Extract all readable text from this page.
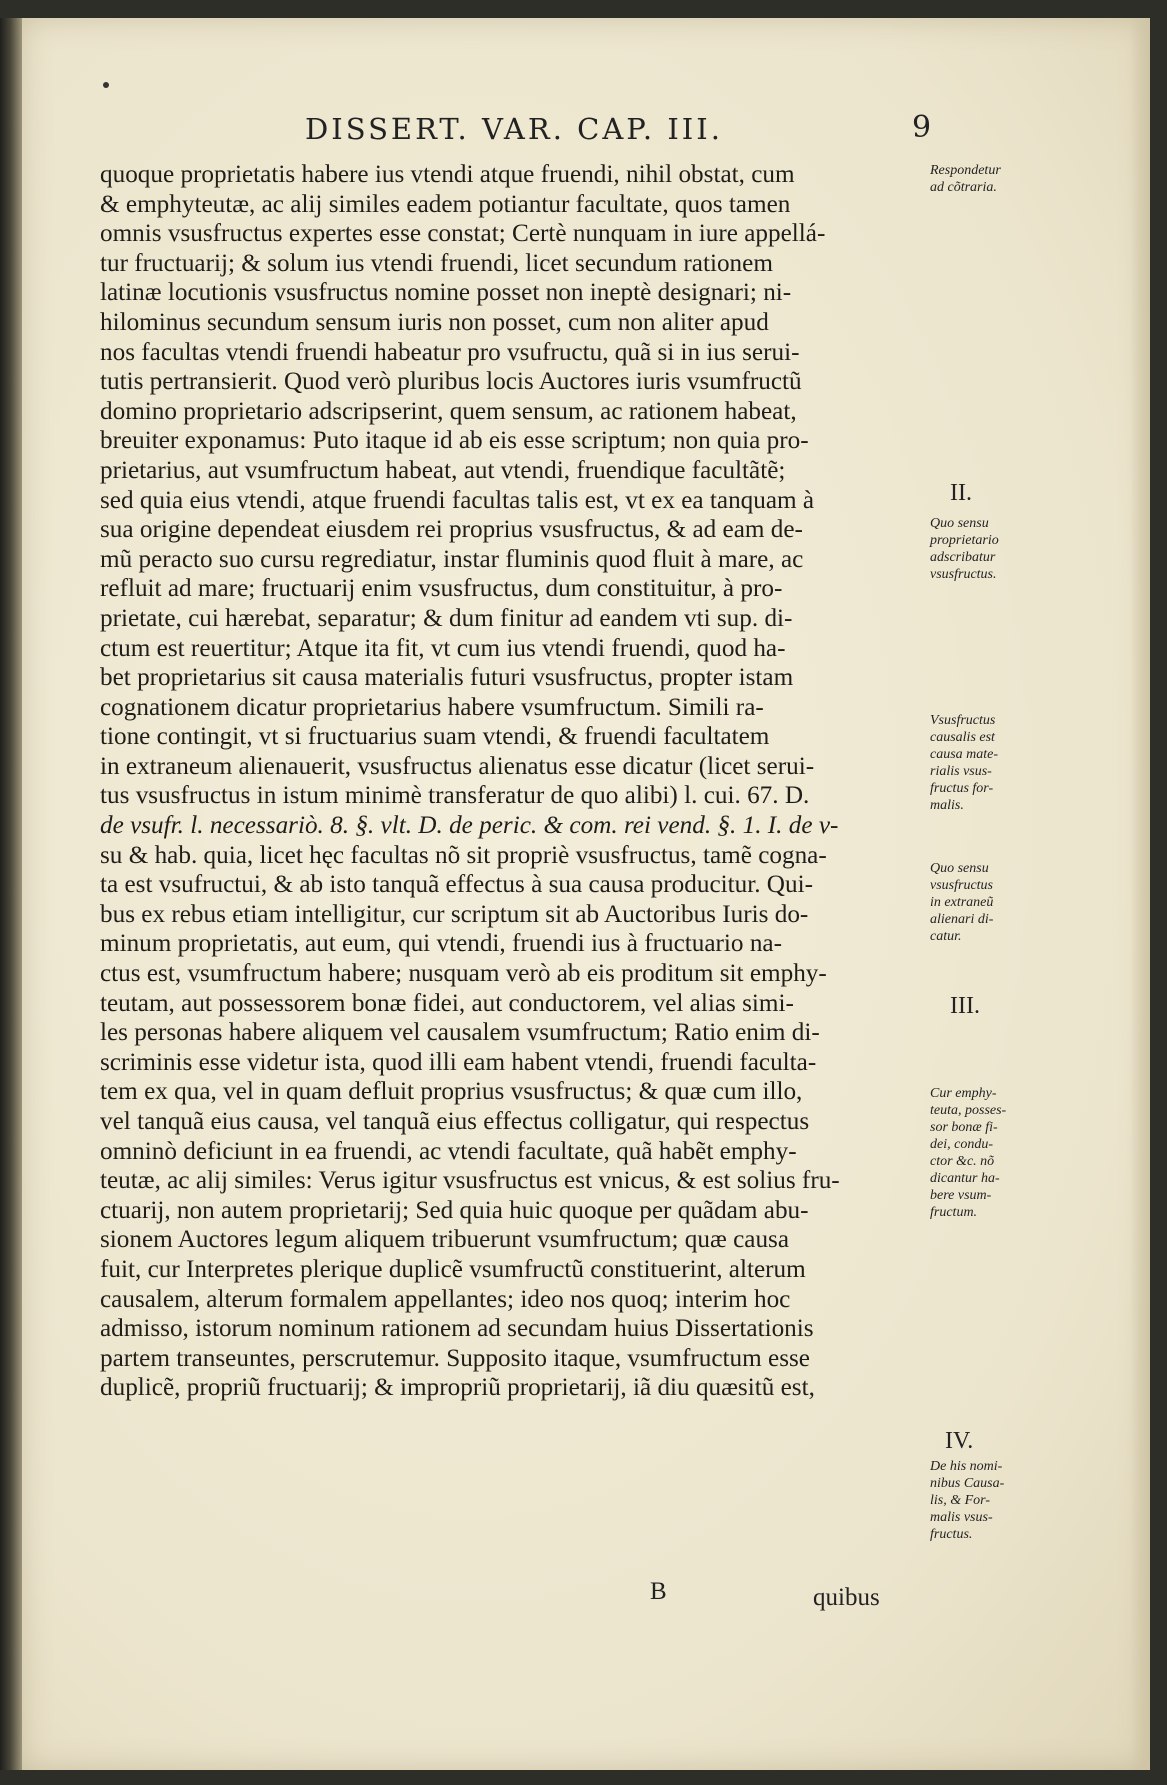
DISSERT. VAR. CAP. III.	9
quoque proprietatis habere ius vtendi atque fruendi, nihil obstat, cum
& emphyteutæ, ac alij similes eadem potiantur facultate, quos tamen
omnis vsusfructus expertes esse constat; Certè nunquam in iure appellá-
tur fructuarij; & solum ius vtendi fruendi, licet secundum rationem
latinæ locutionis vsusfructus nomine posset non ineptè designari; ni-
hilominus secundum sensum iuris non posset, cum non aliter apud
nos facultas vtendi fruendi habeatur pro vsufructu, quã si in ius serui-
tutis pertransierit. Quod verò pluribus locis Auctores iuris vsumfructũ
domino proprietario adscripserint, quem sensum, ac rationem habeat,
breuiter exponamus: Puto itaque id ab eis esse scriptum; non quia pro-
prietarius, aut vsumfructum habeat, aut vtendi, fruendique facultãtẽ;
sed quia eius vtendi, atque fruendi facultas talis est, vt ex ea tanquam à
sua origine dependeat eiusdem rei proprius vsusfructus, & ad eam de-
mũ peracto suo cursu regrediatur, instar fluminis quod fluit à mare, ac
refluit ad mare; fructuarij enim vsusfructus, dum constituitur, à pro-
prietate, cui hærebat, separatur; & dum finitur ad eandem vti sup. di-
ctum est reuertitur; Atque ita fit, vt cum ius vtendi fruendi, quod ha-
bet proprietarius sit causa materialis futuri vsusfructus, propter istam
cognationem dicatur proprietarius habere vsumfructum. Simili ra-
tione contingit, vt si fructuarius suam vtendi, & fruendi facultatem
in extraneum alienauerit, vsusfructus alienatus esse dicatur (licet serui-
tus vsusfructus in istum minimè transferatur de quo alibi) l. cui. 67. D.
de vsufr. l. necessariò. 8. §. vlt. D. de peric. & com. rei vend. §. 1. I. de v-
su & hab. quia, licet hęc facultas nõ sit propriè vsusfructus, tamẽ cogna-
ta est vsufructui, & ab isto tanquã effectus à sua causa producitur. Qui-
bus ex rebus etiam intelligitur, cur scriptum sit ab Auctoribus Iuris do-
minum proprietatis, aut eum, qui vtendi, fruendi ius à fructuario na-
ctus est, vsumfructum habere; nusquam verò ab eis proditum sit emphy-
teutam, aut possessorem bonæ fidei, aut conductorem, vel alias simi-
les personas habere aliquem vel causalem vsumfructum; Ratio enim di-
scriminis esse videtur ista, quod illi eam habent vtendi, fruendi faculta-
tem ex qua, vel in quam defluit proprius vsusfructus; & quæ cum illo,
vel tanquã eius causa, vel tanquã eius effectus colligatur, qui respectus
omninò deficiunt in ea fruendi, ac vtendi facultate, quã habẽt emphy-
teutæ, ac alij similes: Verus igitur vsusfructus est vnicus, & est solius fru-
ctuarij, non autem proprietarij; Sed quia huic quoque per quãdam abu-
sionem Auctores legum aliquem tribuerunt vsumfructum; quæ causa
fuit, cur Interpretes plerique duplicẽ vsumfructũ constituerint, alterum
causalem, alterum formalem appellantes; ideo nos quoq; interim hoc
admisso, istorum nominum rationem ad secundam huius Dissertationis
partem transeuntes, perscrutemur. Supposito itaque, vsumfructum esse
duplicẽ, propriũ fructuarij; & impropriũ proprietarij, iã diu quæsitũ est,
Respondetur
ad cõtraria.
Quo sensu
proprietario
adscribatur
vsusfructus.
Vsusfructus
causalis est
causa mate-
rialis vsus-
fructus for-
malis.
Quo sensu
vsusfructus
in extraneũ
alienari di-
catur.
Cur emphy-
teuta, posses-
sor bonæ fi-
dei, condu-
ctor &c. nõ
dicantur ha-
bere vsum-
fructum.
De his nomi-
nibus Causa-
lis, & For-
malis vsus-
fructus.
II.
III.
IV.
B	quibus
